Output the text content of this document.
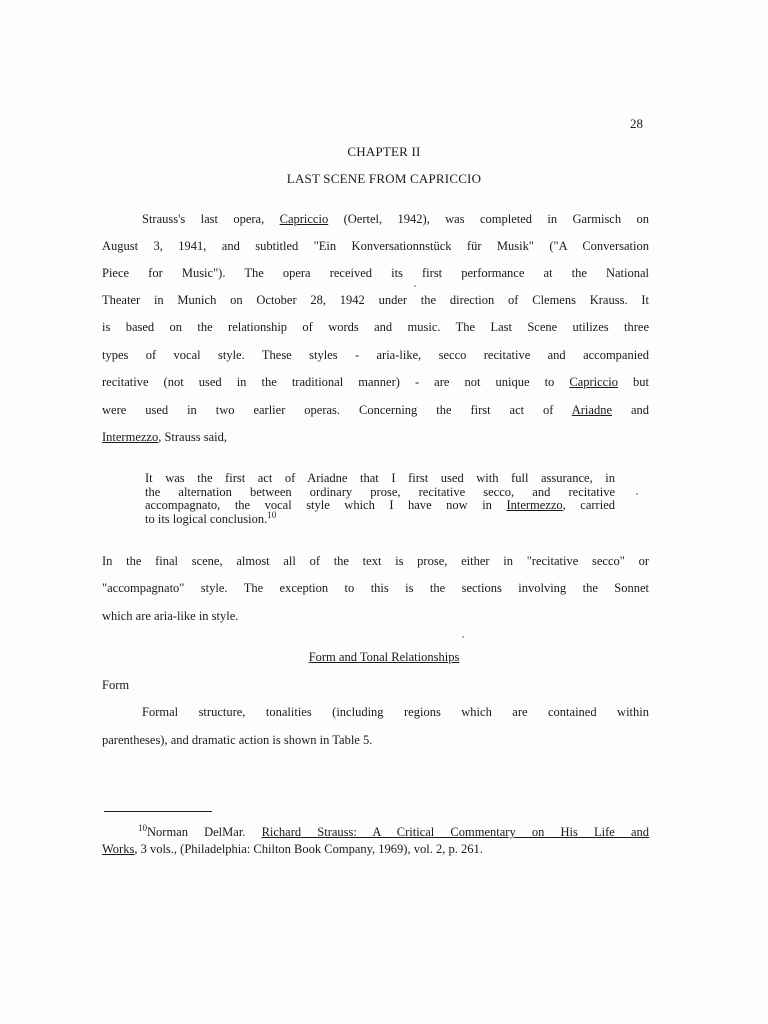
28
CHAPTER II
LAST SCENE FROM CAPRICCIO
Strauss's last opera, Capriccio (Oertel, 1942), was completed in Garmisch on
August 3, 1941, and subtitled "Ein Konversationnstück für Musik" ("A Conversation
Piece for Music"). The opera received its first performance at the National
Theater in Munich on October 28, 1942 under the direction of Clemens Krauss. It
is based on the relationship of words and music. The Last Scene utilizes three
types of vocal style. These styles - aria-like, secco recitative and accompanied
recitative (not used in the traditional manner) - are not unique to Capriccio but
were used in two earlier operas. Concerning the first act of Ariadne and
Intermezzo, Strauss said,
It was the first act of Ariadne that I first used with full assurance, in
the alternation between ordinary prose, recitative secco, and recitative
accompagnato, the vocal style which I have now in Intermezzo, carried
to its logical conclusion.$^{10}$
In the final scene, almost all of the text is prose, either in "recitative secco" or
"accompagnato" style. The exception to this is the sections involving the Sonnet
which are aria-like in style.
Form and Tonal Relationships
Form
Formal structure, tonalities (including regions which are contained within
parentheses), and dramatic action is shown in Table 5.
$^{10}$Norman DelMar. Richard Strauss: A Critical Commentary on His Life and
Works, 3 vols., (Philadelphia: Chilton Book Company, 1969), vol. 2, p. 261.
